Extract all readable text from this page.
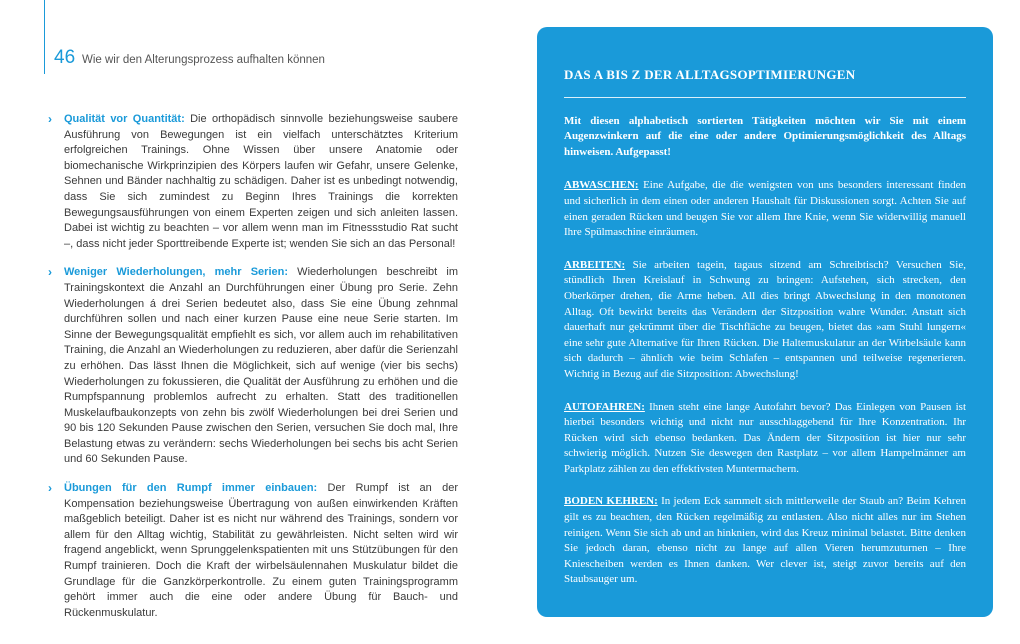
46 Wie wir den Alterungsprozess aufhalten können

› Qualität vor Quantität: Die orthopädisch sinnvolle beziehungsweise saubere Ausführung von Bewegungen ist ein vielfach unterschätztes Kriterium erfolgreichen Trainings. Ohne Wissen über unsere Anatomie oder biomechanische Wirkprinzipien des Körpers laufen wir Gefahr, unsere Gelenke, Sehnen und Bänder nachhaltig zu schädigen. Daher ist es unbedingt notwendig, dass Sie sich zumindest zu Beginn Ihres Trainings die korrekten Bewegungsausführungen von einem Experten zeigen und sich anleiten lassen. Dabei ist wichtig zu beachten – vor allem wenn man im Fitnessstudio Rat sucht –, dass nicht jeder Sporttreibende Experte ist; wenden Sie sich an das Personal!

› Weniger Wiederholungen, mehr Serien: Wiederholungen beschreibt im Trainingskontext die Anzahl an Durchführungen einer Übung pro Serie. Zehn Wiederholungen á drei Serien bedeutet also, dass Sie eine Übung zehnmal durchführen sollen und nach einer kurzen Pause eine neue Serie starten. Im Sinne der Bewegungsqualität empfiehlt es sich, vor allem auch im rehabilitativen Training, die Anzahl an Wiederholungen zu reduzieren, aber dafür die Serienzahl zu erhöhen. Das lässt Ihnen die Möglichkeit, sich auf wenige (vier bis sechs) Wiederholungen zu fokussieren, die Qualität der Ausführung zu erhöhen und die Rumpfspannung problemlos aufrecht zu erhalten. Statt des traditionellen Muskelaufbaukonzepts von zehn bis zwölf Wiederholungen bei drei Serien und 90 bis 120 Sekunden Pause zwischen den Serien, versuchen Sie doch mal, Ihre Belastung etwas zu verändern: sechs Wiederholungen bei sechs bis acht Serien und 60 Sekunden Pause.

› Übungen für den Rumpf immer einbauen: Der Rumpf ist an der Kompensation beziehungsweise Übertragung von außen einwirkenden Kräften maßgeblich beteiligt. Daher ist es nicht nur während des Trainings, sondern vor allem für den Alltag wichtig, Stabilität zu gewährleisten. Nicht selten wird wir fragend angeblickt, wenn Sprunggelenkspatienten mit uns Stützübungen für den Rumpf trainieren. Doch die Kraft der wirbelsäulennahen Muskulatur bildet die Grundlage für die Ganzkörperkontrolle. Zu einem guten Trainingsprogramm gehört immer auch die eine oder andere Übung für Bauch- und Rückenmuskulatur.

DAS A BIS Z DER ALLTAGSOPTIMIERUNGEN

Mit diesen alphabetisch sortierten Tätigkeiten möchten wir Sie mit einem Augenzwinkern auf die eine oder andere Optimierungsmöglichkeit des Alltags hinweisen. Aufgepasst!

ABWASCHEN: Eine Aufgabe, die die wenigsten von uns besonders interessant finden und sicherlich in dem einen oder anderen Haushalt für Diskussionen sorgt. Achten Sie auf einen geraden Rücken und beugen Sie vor allem Ihre Knie, wenn Sie widerwillig manuell Ihre Spülmaschine einräumen.

ARBEITEN: Sie arbeiten tagein, tagaus sitzend am Schreibtisch? Versuchen Sie, stündlich Ihren Kreislauf in Schwung zu bringen: Aufstehen, sich strecken, den Oberkörper drehen, die Arme heben. All dies bringt Abwechslung in den monotonen Alltag. Oft bewirkt bereits das Verändern der Sitzposition wahre Wunder. Anstatt sich dauerhaft nur gekrümmt über die Tischfläche zu beugen, bietet das »am Stuhl lungern« eine sehr gute Alternative für Ihren Rücken. Die Haltemuskulatur an der Wirbelsäule kann sich dadurch – ähnlich wie beim Schlafen – entspannen und teilweise regenerieren. Wichtig in Bezug auf die Sitzposition: Abwechslung!

AUTOFAHREN: Ihnen steht eine lange Autofahrt bevor? Das Einlegen von Pausen ist hierbei besonders wichtig und nicht nur ausschlaggebend für Ihre Konzentration. Ihr Rücken wird sich ebenso bedanken. Das Ändern der Sitzposition ist hier nur sehr schwierig möglich. Nutzen Sie deswegen den Rastplatz – vor allem Hampelmänner am Parkplatz zählen zu den effektivsten Muntermachern.

BODEN KEHREN: In jedem Eck sammelt sich mittlerweile der Staub an? Beim Kehren gilt es zu beachten, den Rücken regelmäßig zu entlasten. Also nicht alles nur im Stehen reinigen. Wenn Sie sich ab und an hinknien, wird das Kreuz minimal belastet. Bitte denken Sie jedoch daran, ebenso nicht zu lange auf allen Vieren herumzuturnen – Ihre Kniescheiben werden es Ihnen danken. Wer clever ist, steigt zuvor bereits auf den Staubsauger um.
